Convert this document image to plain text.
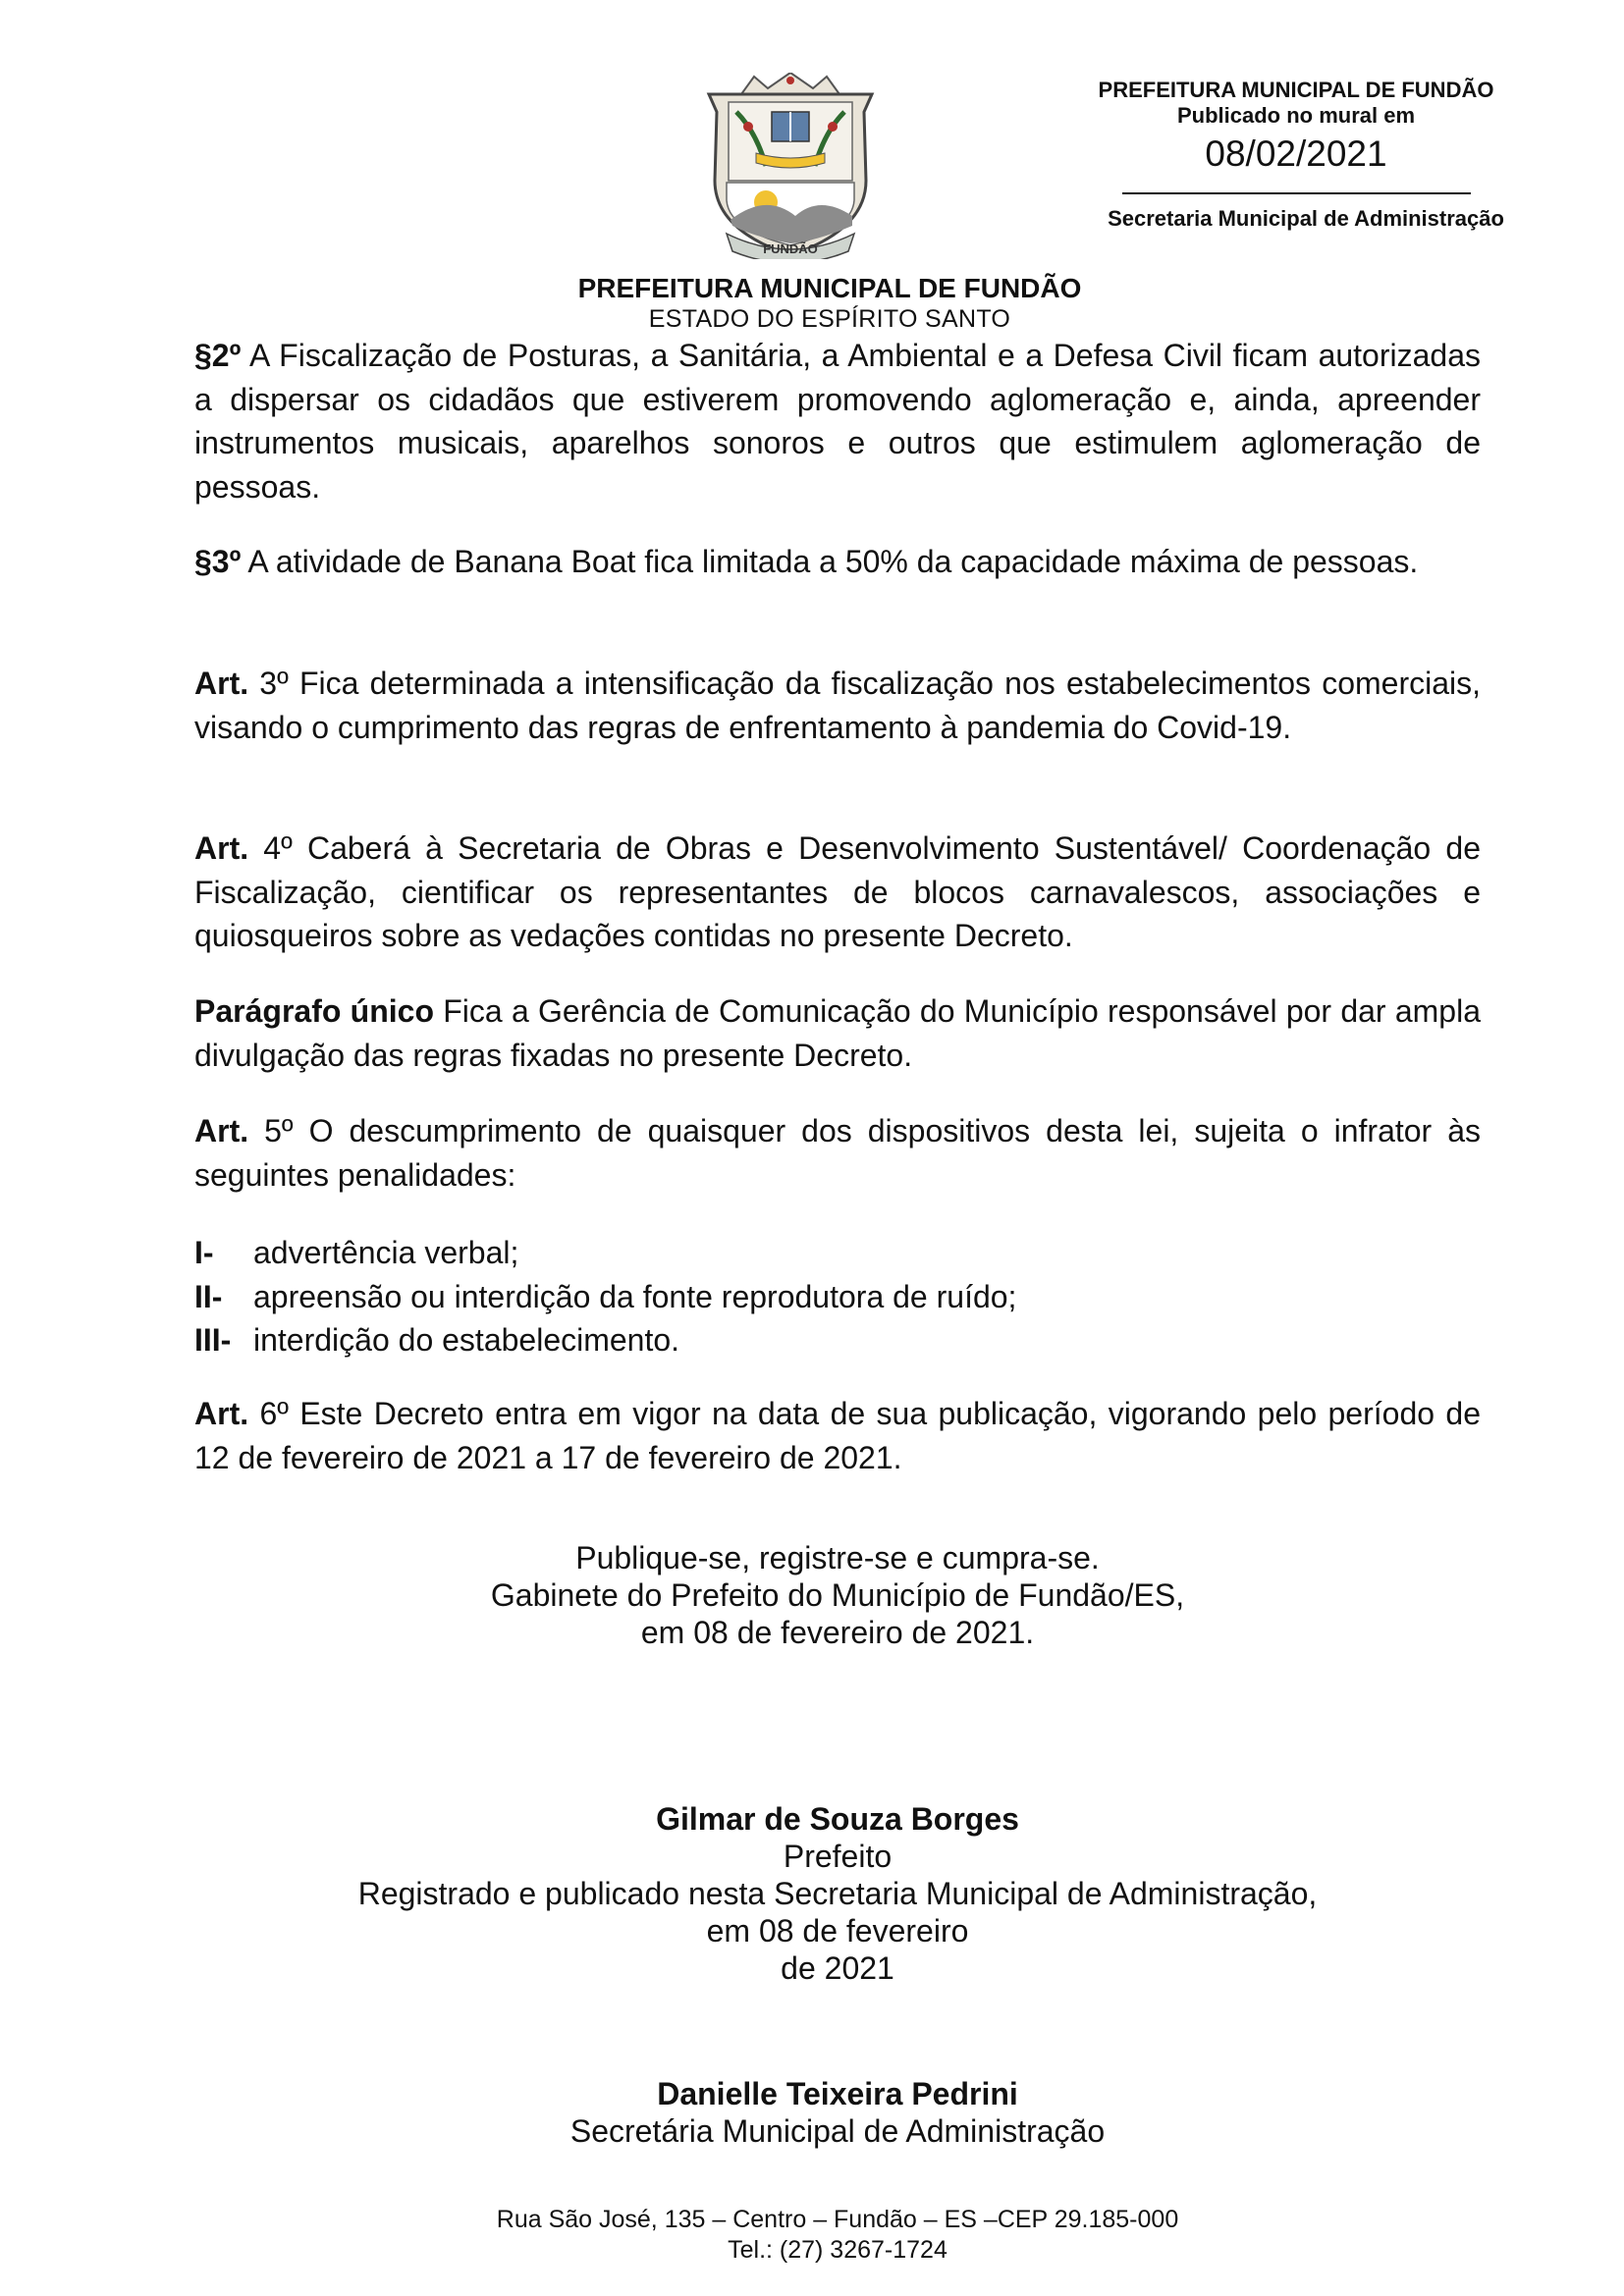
PREFEITURA MUNICIPAL DE FUNDÃO
Publicado no mural em
08/02/2021
Secretaria Municipal de Administração
FUNDÃO
PREFEITURA MUNICIPAL DE FUNDÃO
ESTADO DO ESPÍRITO SANTO

§2º A Fiscalização de Posturas, a Sanitária, a Ambiental e a Defesa Civil ficam autorizadas a dispersar os cidadãos que estiverem promovendo aglomeração e, ainda, apreender instrumentos musicais, aparelhos sonoros e outros que estimulem aglomeração de pessoas.

§3º A atividade de Banana Boat fica limitada a 50% da capacidade máxima de pessoas.

Art. 3º Fica determinada a intensificação da fiscalização nos estabelecimentos comerciais, visando o cumprimento das regras de enfrentamento à pandemia do Covid-19.

Art. 4º Caberá à Secretaria de Obras e Desenvolvimento Sustentável/ Coordenação de Fiscalização, cientificar os representantes de blocos carnavalescos, associações e quiosqueiros sobre as vedações contidas no presente Decreto.

Parágrafo único Fica a Gerência de Comunicação do Município responsável por dar ampla divulgação das regras fixadas no presente Decreto.

Art. 5º O descumprimento de quaisquer dos dispositivos desta lei, sujeita o infrator às seguintes penalidades:

I-	advertência verbal;
II- apreensão ou interdição da fonte reprodutora de ruído;
III- interdição do estabelecimento.

Art. 6º Este Decreto entra em vigor na data de sua publicação, vigorando pelo período de 12 de fevereiro de 2021 a 17 de fevereiro de 2021.

Publique-se, registre-se e cumpra-se.
Gabinete do Prefeito do Município de Fundão/ES,
em 08 de fevereiro de 2021.
Gilmar de Souza Borges
Prefeito
Registrado e publicado nesta Secretaria Municipal de Administração,
em 08 de fevereiro
de 2021
Danielle Teixeira Pedrini
Secretária Municipal de Administração
Rua São José, 135 – Centro – Fundão – ES –CEP 29.185-000
Tel.: (27) 3267-1724
